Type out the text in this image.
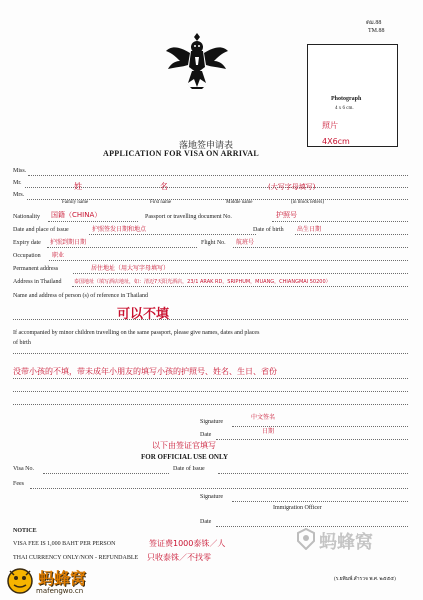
ตม.88
TM.88
Photograph
4 x 6 cm.
照片
4X6cm
落地签申请表
APPLICATION FOR VISA ON ARRIVAL
Miss.
Mr.
Mrs.
姓	名	(大写字母填写)
Family name	First name	Middle name	(in block letters)
Nationality 国籍（CHINA）	Passport or travelling document No.	护照号
Date and place of issue	护照签发日期和地点	Date of birth 出生日期
Expiry date 护照到期日期	Flight No. 航班号
Occupation 职业
Permanent address	居住地址（用大写字母填写）
Address in Thailand 泰国地址（填写酒店地址，如：清迈7天阳光酒店，23/1 ARAK RD，SRIPHUM，MUANG，CHIANGMAI 50200）
Name and address of person (s) of reference in Thailand
可以不填
If accompanied by minor children travelling on the same passport, please give names, dates and places
of birth
没带小孩的不填，带未成年小朋友的填写小孩的护照号、姓名、生日、省份
中文签名
Signature
日期
Date
以下由签证官填写
FOR OFFICIAL USE ONLY
Visa No.	Date of Issue
Fees
Signature
Immigration Officer
Date
NOTICE
VISA FEE IS 1,000 BAHT PER PERSON	签证费1000泰铢／人
THAI CURRENCY ONLY/NON - REFUNDABLE 只收泰铢／不找零
(ร.ยพิมพ์.สำรวจ พ.ศ. ๒๕๕๕)
蚂蜂窝
蚂蜂窝
mafengwo.cn
